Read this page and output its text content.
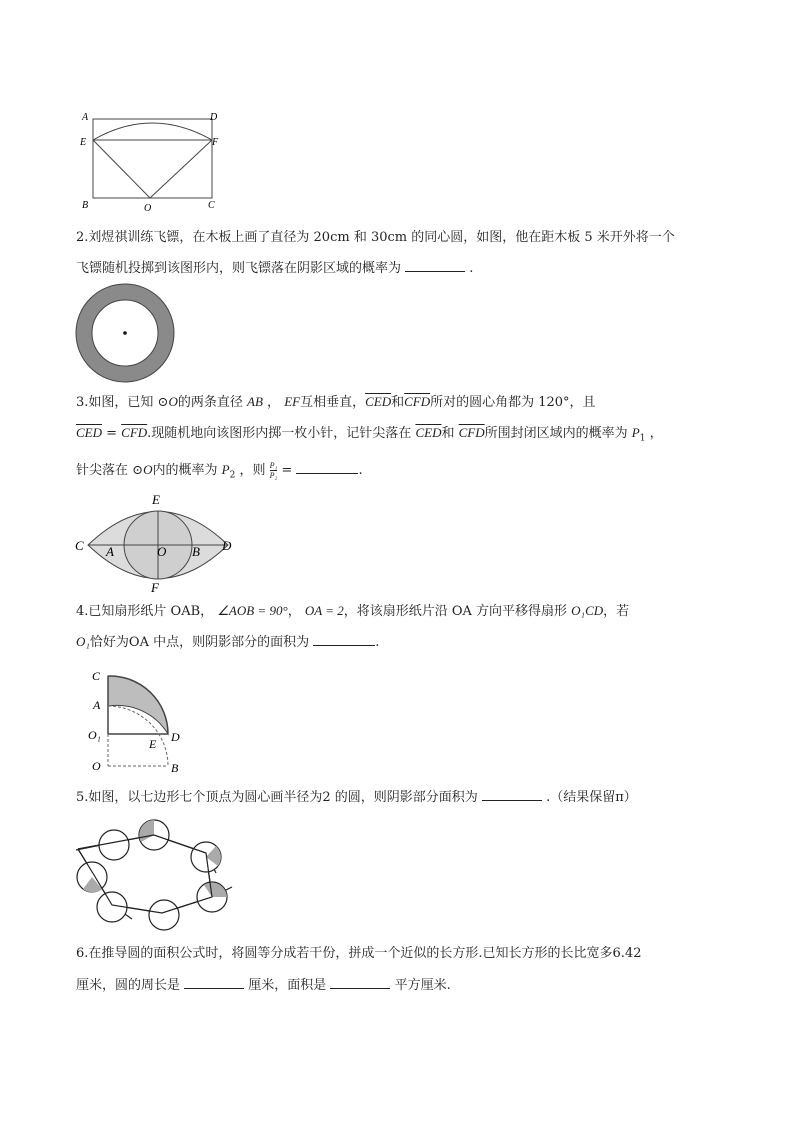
A	D
E	F
B	O	C
2.刘煜祺训练飞镖，在木板上画了直径为 20cm 和 30cm 的同心圆，如图，他在距木板 5 米开外将一个
飞镖随机投掷到该图形内，则飞镖落在阴影区域的概率为	.
3.如图，已知 ⊙O的两条直径 AB ， EF互相垂直，$\overline{CED}$和$\overline{CFD}$所对的圆心角都为 120°，且
$\overline{CED} = \overline{CFD}$.现随机地向该图形内掷一枚小针，记针尖落在 $\overline{CED}$和 $\overline{CFD}$所围封闭区域内的概率为 $P_1$ ，
针尖落在 ⊙O内的概率为 $P_2$ ，则 $\frac{\text{P₁}}{\text{P₂}}$ =	.
E
C A	O B D
F
4.已知扇形纸片 OAB， ∠AOB = 90°， OA = 2，将该扇形纸片沿 OA 方向平移得扇形 O₁CD，若
O₁恰好为OA 中点，则阴影部分的面积为	.
C
A
O₁
E D
O	B
5.如图，以七边形七个顶点为圆心画半径为2 的圆，则阴影部分面积为	.（结果保留π）
6.在推导圆的面积公式时，将圆等分成若干份，拼成一个近似的长方形.已知长方形的长比宽多6.42
厘米，圆的周长是	厘米，面积是	平方厘米.
